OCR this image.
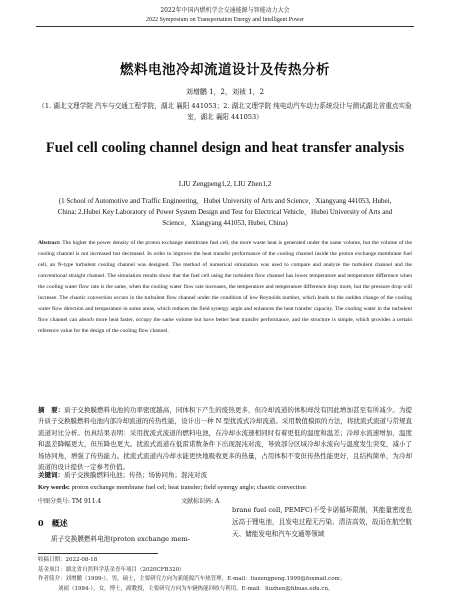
2022年中国内燃机学会交通能源与智能动力大会
2022 Symposium on Transportation Energy and Intelligent Power
燃料电池冷却流道设计及传热分析
刘增鹏 1，2，刘祯 1，2
（1. 湖北文理学院 汽车与交通工程学院，湖北 襄阳 441053；2. 湖北文理学院 纯电动汽车动力系统设计与测试湖北省重点实验室，湖北 襄阳 441053）
Fuel cell cooling channel design and heat transfer analysis
LIU Zengpeng1,2, LIU Zhen1,2
(1 School of Automotive and Traffic Engineering，Hubei University of Arts and Science，Xiangyang 441053, Hubei, China; 2.Hubei Key Laboratory of Power System Design and Test for Electrical Vehicle，Hubei University of Arts and Science，Xiangyang 441053, Hubei, China)
Abstract: The higher the power density of the proton exchange membrane fuel cell, the more waste heat is generated under the same volume, but the volume of the cooling channel is not increased but decreased. In order to improve the heat transfer performance of the cooling channel inside the proton exchange membrane fuel cell, an N-type turbulent cooling channel was designed. The method of numerical simulation was used to compare and analyze the turbulent channel and the conventional straight channel. The simulation results show that the fuel cell using the turbulent flow channel has lower temperature and temperature difference when the cooling water flow rate is the same, when the cooling water flow rate increases, the temperature and temperature difference drop more, but the pressure drop will increase. The chaotic convection occurs in the turbulent flow channel under the condition of low Reynolds number, which leads to the sudden change of the cooling water flow direction and temperature in some areas, which reduces the field synergy angle and enhances the heat transfer capacity. The cooling water in the turbulent flow channel can absorb more heat faster, occupy the same volume but have better heat transfer performance, and the structure is simple, which provides a certain reference value for the design of the cooling flow channel.
摘　要：质子交换膜燃料电池的功率密度越高，同体积下产生的废热更多，但冷却流道的体积却没有因此增加甚至有所减少。为提升质子交换膜燃料电池内部冷却流道的传热性能，设计出一种 N 型扰流式冷却流道。采用数值模拟的方法，将扰流式流道与常规直流道对比分析。仿真结果表明：采用扰流式流道的燃料电池，在冷却水流速相同时有着更低的温度和温差；冷却水流速增加，温度和温差降幅更大，但压降也更大。扰流式流道在低雷诺数条件下出现混沌对流，导致部分区域冷却水流向与温度发生突变，减小了场协同角，增强了传热能力。扰流式流道内冷却水能更快地吸收更多的热量，占用体积不变但传热性能更好，且结构简单，为冷却流道的设计提供一定参考价值。
关键词：质子交换膜燃料电池；传热；场协同角；混沌对流
Key words: proton exchange membrane fuel cel; heat transfer; field synergy angle; chaotic convection
中图分类号: TM 911.4	文献标识码: A
0　概述
质子交换膜燃料电池(proton exchange mem-
brane fuel cell, PEMFC)不受卡诺循环限制，其能量密度也远高于锂电池，且发电过程无污染、清洁高效，故而在航空航天、储能发电和汽车交通等领域
收稿日期：2022-08-18
基金项目：湖北省自然科学基金青年项目（2020CFB320）
作者简介：刘增鹏（1999-），男，硕士，主要研究方向为新能源汽车热管理。E-mail：liuzengpeng.1999@foxmail.com；
刘祯（1984-），女，博士，副教授，主要研究方向为车辆热能回收与利用。E-mail：liuzhen@hbuas.edu.cn。
